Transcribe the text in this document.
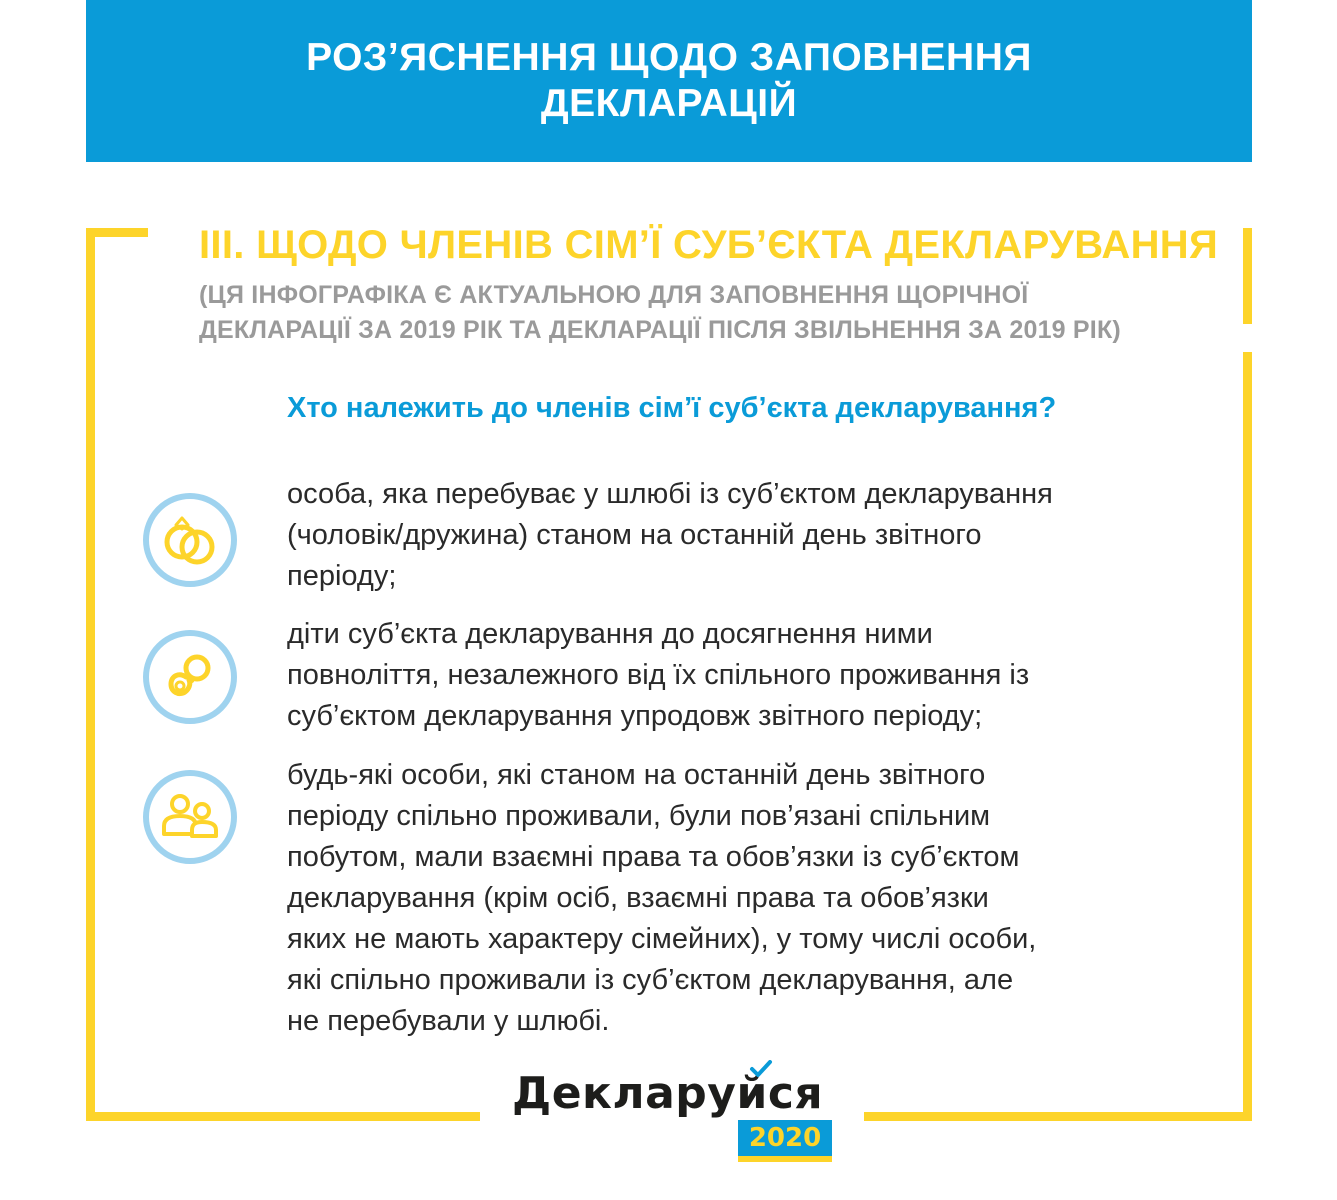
РОЗ’ЯСНЕННЯ ЩОДО ЗАПОВНЕННЯ
ДЕКЛАРАЦІЙ
ІІІ. ЩОДО ЧЛЕНІВ СІМ’Ї СУБ’ЄКТА ДЕКЛАРУВАННЯ
(ЦЯ ІНФОГРАФІКА Є АКТУАЛЬНОЮ ДЛЯ ЗАПОВНЕННЯ ЩОРІЧНОЇ
ДЕКЛАРАЦІЇ ЗА 2019 РІК ТА ДЕКЛАРАЦІЇ ПІСЛЯ ЗВІЛЬНЕННЯ ЗА 2019 РІК)
Хто належить до членів сім’ї суб’єкта декларування?
особа, яка перебуває у шлюбі із суб’єктом декларування
(чоловік/дружина) станом на останній день звітного
періоду;
діти суб’єкта декларування до досягнення ними
повноліття, незалежного від їх спільного проживання із
суб’єктом декларування упродовж звітного періоду;
будь-які особи, які станом на останній день звітного
періоду спільно проживали, були пов’язані спільним
побутом, мали взаємні права та обов’язки із суб’єктом
декларування (крім осіб, взаємні права та обов’язки
яких не мають характеру сімейних), у тому числі особи,
які спільно проживали із суб’єктом декларування, але
не перебували у шлюбі.
Декларуйся
2020
